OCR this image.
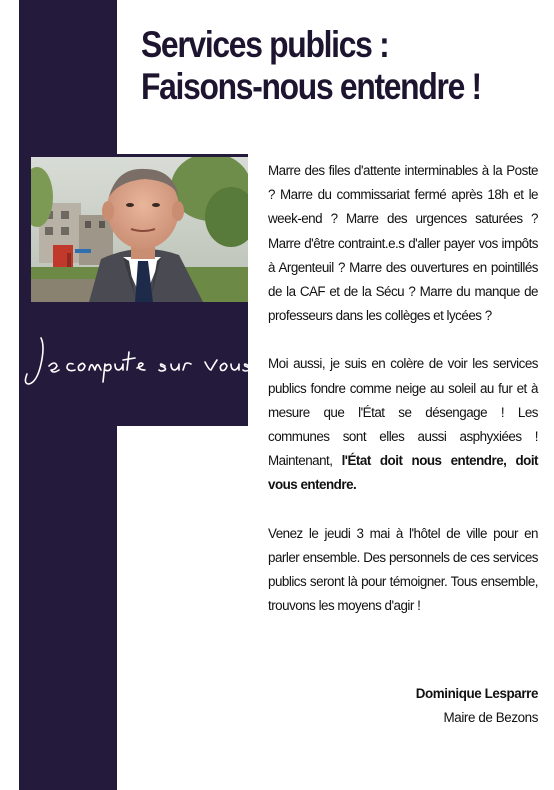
Services publics :
Faisons-nous entendre !

Marre des files d'attente interminables à la Poste ? Marre du commissariat fermé après 18h et le week-end ? Marre des urgences saturées ? Marre d'être contraint.e.s d'aller payer vos impôts à Argenteuil ? Marre des ouvertures en pointillés de la CAF et de la Sécu ? Marre du manque de professeurs dans les collèges et lycées ?

Moi aussi, je suis en colère de voir les services publics fondre comme neige au soleil au fur et à mesure que l'État se désengage ! Les communes sont elles aussi asphyxiées ! Maintenant, l'État doit nous entendre, doit vous entendre.

Venez le jeudi 3 mai à l'hôtel de ville pour en parler ensemble. Des personnels de ces services publics seront là pour témoigner. Tous ensemble, trouvons les moyens d'agir !

Dominique Lesparre
Maire de Bezons
